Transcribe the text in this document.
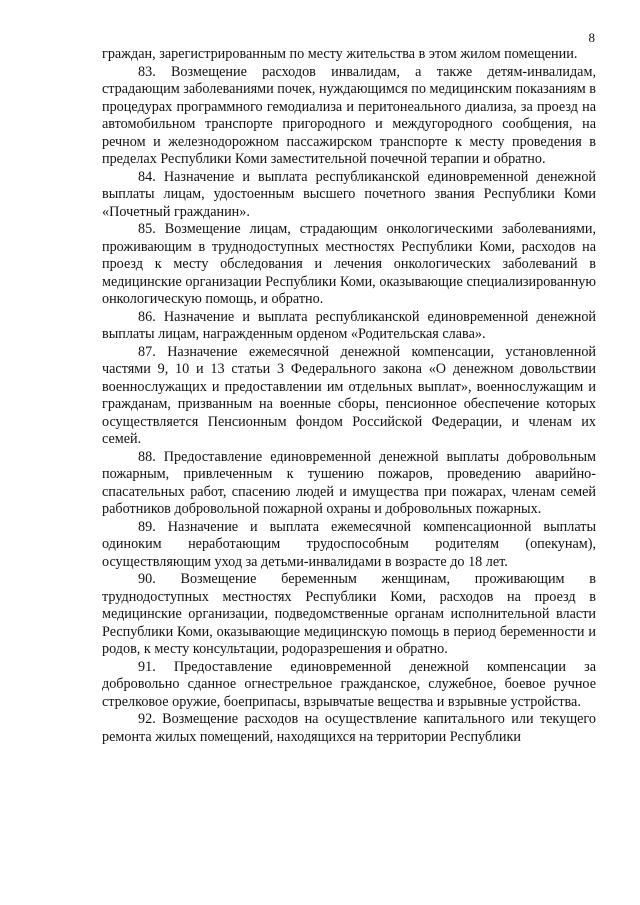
8

граждан, зарегистрированным по месту жительства в этом жилом помещении.

83. Возмещение расходов инвалидам, а также детям-инвалидам, страдающим заболеваниями почек, нуждающимся по медицинским показаниям в процедурах программного гемодиализа и перитонеального диализа, за проезд на автомобильном транспорте пригородного и междугородного сообщения, на речном и железнодорожном пассажирском транспорте к месту проведения в пределах Республики Коми заместительной почечной терапии и обратно.

84. Назначение и выплата республиканской единовременной денежной выплаты лицам, удостоенным высшего почетного звания Республики Коми «Почетный гражданин».

85. Возмещение лицам, страдающим онкологическими заболеваниями, проживающим в труднодоступных местностях Республики Коми, расходов на проезд к месту обследования и лечения онкологических заболеваний в медицинские организации Республики Коми, оказывающие специализированную онкологическую помощь, и обратно.

86. Назначение и выплата республиканской единовременной денежной выплаты лицам, награжденным орденом «Родительская слава».

87. Назначение ежемесячной денежной компенсации, установленной частями 9, 10 и 13 статьи 3 Федерального закона «О денежном довольствии военнослужащих и предоставлении им отдельных выплат», военнослужащим и гражданам, призванным на военные сборы, пенсионное обеспечение которых осуществляется Пенсионным фондом Российской Федерации, и членам их семей.

88. Предоставление единовременной денежной выплаты добровольным пожарным, привлеченным к тушению пожаров, проведению аварийно-спасательных работ, спасению людей и имущества при пожарах, членам семей работников добровольной пожарной охраны и добровольных пожарных.

89. Назначение и выплата ежемесячной компенсационной выплаты одиноким неработающим трудоспособным родителям (опекунам), осуществляющим уход за детьми-инвалидами в возрасте до 18 лет.

90. Возмещение беременным женщинам, проживающим в труднодоступных местностях Республики Коми, расходов на проезд в медицинские организации, подведомственные органам исполнительной власти Республики Коми, оказывающие медицинскую помощь в период беременности и родов, к месту консультации, родоразрешения и обратно.

91. Предоставление единовременной денежной компенсации за добровольно сданное огнестрельное гражданское, служебное, боевое ручное стрелковое оружие, боеприпасы, взрывчатые вещества и взрывные устройства.

92. Возмещение расходов на осуществление капитального или текущего ремонта жилых помещений, находящихся на территории Республики
